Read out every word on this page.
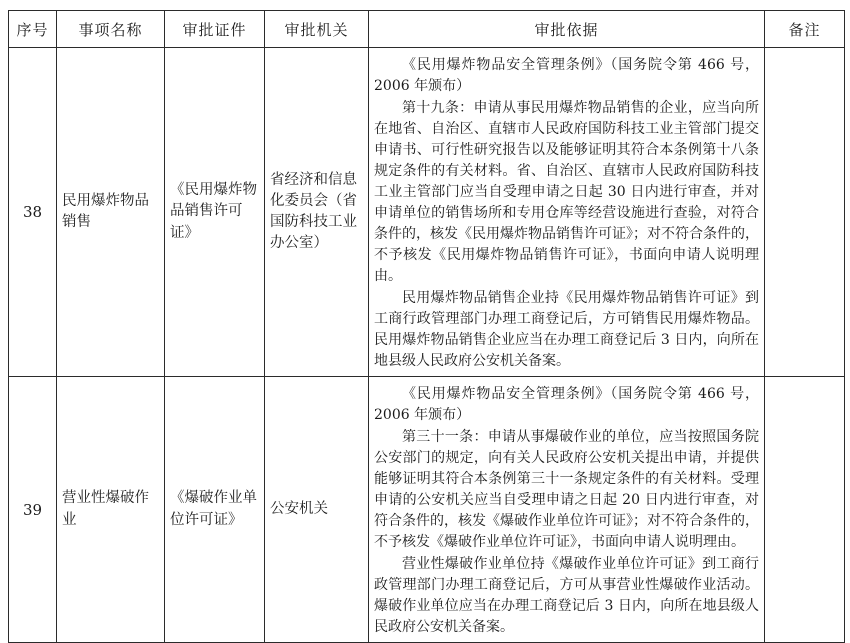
序号	事项名称	审批证件	审批机关	审批依据	备注
38	民用爆炸物品销售	《民用爆炸物品销售许可证》	省经济和信息化委员会（省国防科技工业办公室）	《民用爆炸物品安全管理条例》（国务院令第 466 号，2006 年颁布）

第十九条：申请从事民用爆炸物品销售的企业，应当向所在地省、自治区、直辖市人民政府国防科技工业主管部门提交申请书、可行性研究报告以及能够证明其符合本条例第十八条规定条件的有关材料。省、自治区、直辖市人民政府国防科技工业主管部门应当自受理申请之日起 30 日内进行审查，并对申请单位的销售场所和专用仓库等经营设施进行查验，对符合条件的，核发《民用爆炸物品销售许可证》；对不符合条件的，不予核发《民用爆炸物品销售许可证》，书面向申请人说明理由。

民用爆炸物品销售企业持《民用爆炸物品销售许可证》到工商行政管理部门办理工商登记后，方可销售民用爆炸物品。民用爆炸物品销售企业应当在办理工商登记后 3 日内，向所在地县级人民政府公安机关备案。	

39	营业性爆破作业	《爆破作业单位许可证》	公安机关	《民用爆炸物品安全管理条例》（国务院令第 466 号，2006 年颁布）

第三十一条：申请从事爆破作业的单位，应当按照国务院公安部门的规定，向有关人民政府公安机关提出申请，并提供能够证明其符合本条例第三十一条规定条件的有关材料。受理申请的公安机关应当自受理申请之日起 20 日内进行审查，对符合条件的，核发《爆破作业单位许可证》；对不符合条件的，不予核发《爆破作业单位许可证》，书面向申请人说明理由。

营业性爆破作业单位持《爆破作业单位许可证》到工商行政管理部门办理工商登记后，方可从事营业性爆破作业活动。爆破作业单位应当在办理工商登记后 3 日内，向所在地县级人民政府公安机关备案。	
